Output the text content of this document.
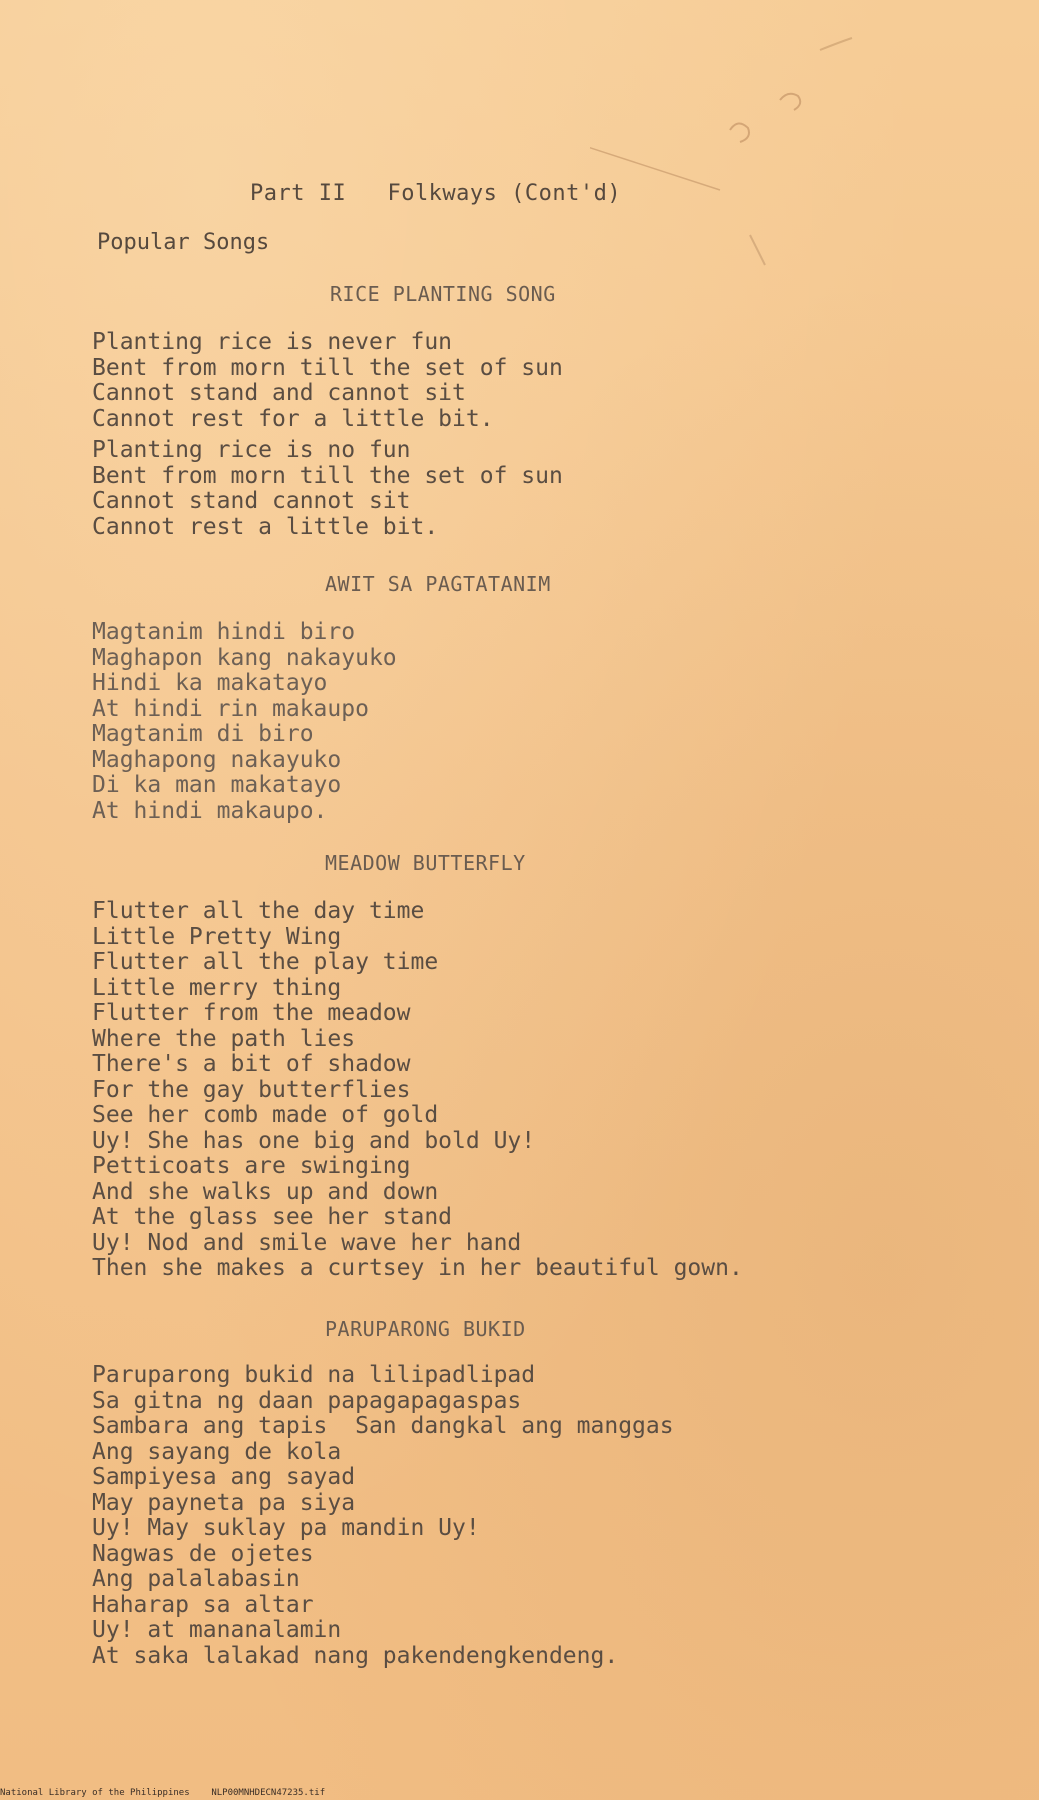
Part II   Folkways (Cont'd)
Popular Songs
RICE PLANTING SONG
Planting rice is never fun
Bent from morn till the set of sun
Cannot stand and cannot sit
Cannot rest for a little bit.
Planting rice is no fun
Bent from morn till the set of sun
Cannot stand cannot sit
Cannot rest a little bit.
AWIT SA PAGTATANIM
Magtanim hindi biro
Maghapon kang nakayuko
Hindi ka makatayo
At hindi rin makaupo
Magtanim di biro
Maghapong nakayuko
Di ka man makatayo
At hindi makaupo.
MEADOW BUTTERFLY
Flutter all the day time
Little Pretty Wing
Flutter all the play time
Little merry thing
Flutter from the meadow
Where the path lies
There's a bit of shadow
For the gay butterflies
See her comb made of gold
Uy! She has one big and bold Uy!
Petticoats are swinging
And she walks up and down
At the glass see her stand
Uy! Nod and smile wave her hand
Then she makes a curtsey in her beautiful gown.
PARUPARONG BUKID
Paruparong bukid na lilipadlipad
Sa gitna ng daan papagapagaspas
Sambara ang tapis  San dangkal ang manggas
Ang sayang de kola
Sampiyesa ang sayad
May payneta pa siya
Uy! May suklay pa mandin Uy!
Nagwas de ojetes
Ang palalabasin
Haharap sa altar
Uy! at mananalamin
At saka lalakad nang pakendengkendeng.
National Library of the Philippines    NLP00MNHDECN47235.tif
